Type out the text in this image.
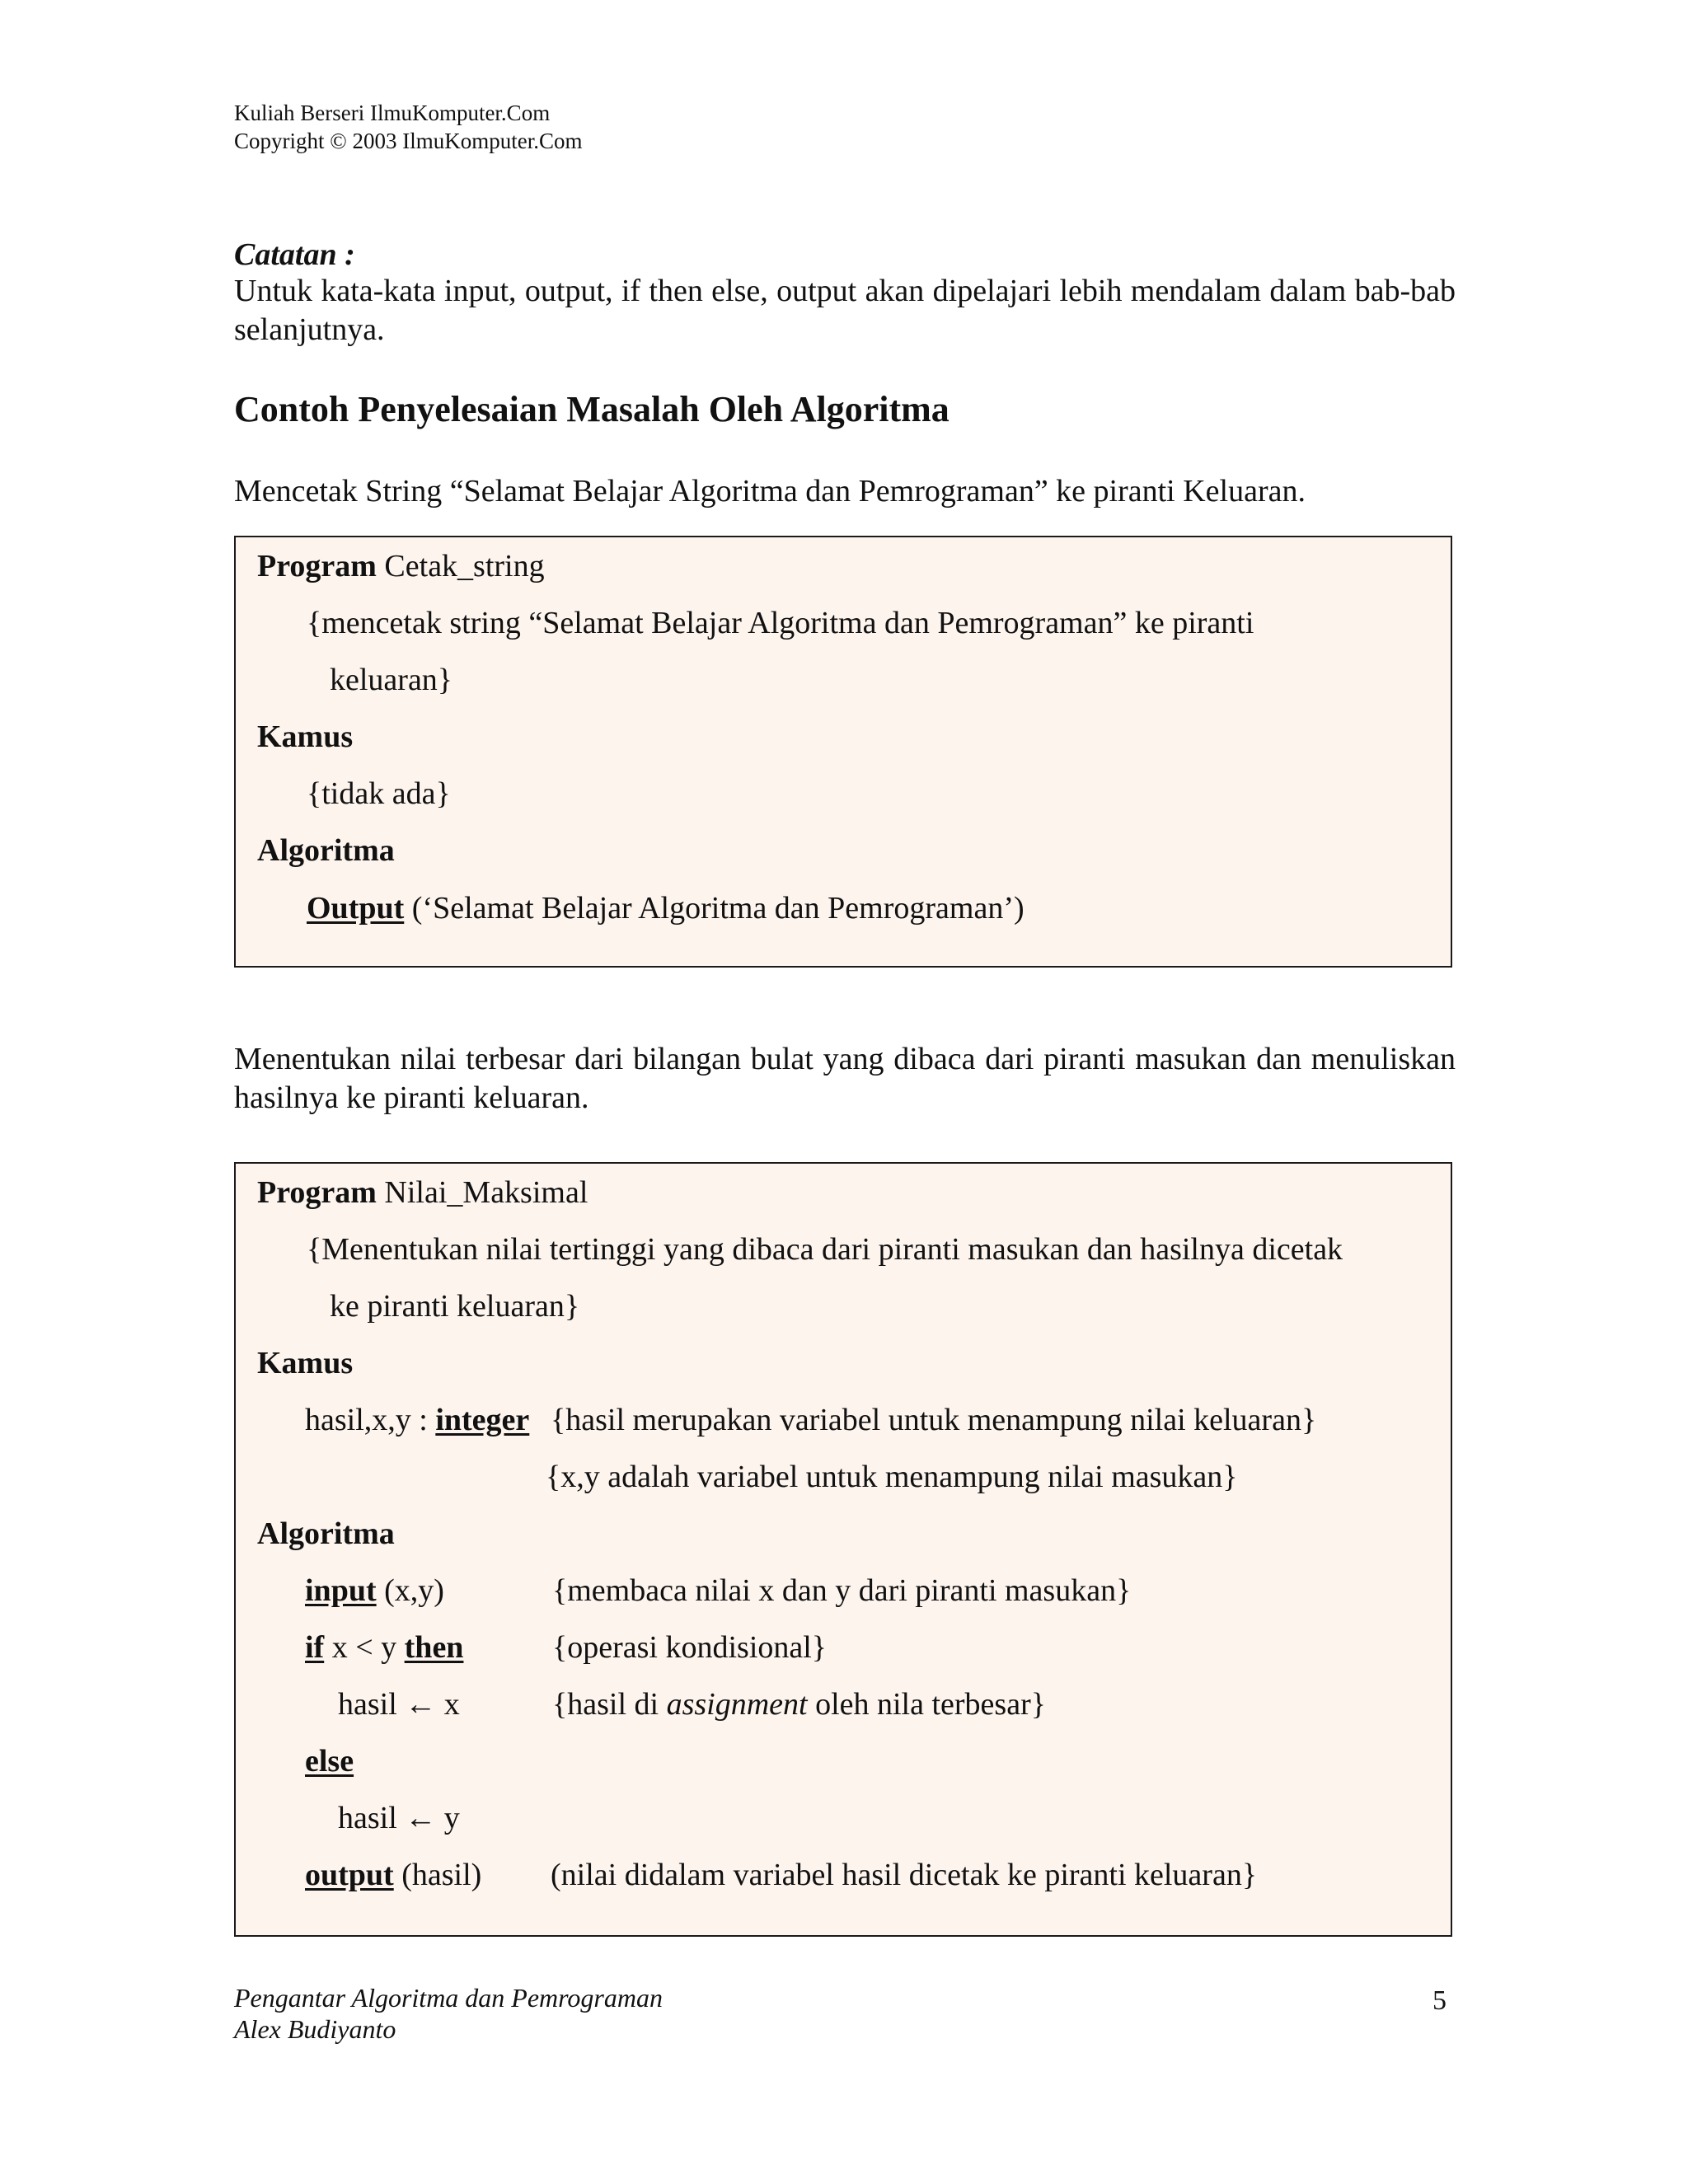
Kuliah Berseri IlmuKomputer.Com
Copyright © 2003 IlmuKomputer.Com
Catatan :
Untuk kata-kata input, output, if then else, output akan dipelajari lebih mendalam dalam bab-bab selanjutnya.
Contoh Penyelesaian Masalah Oleh Algoritma
Mencetak String “Selamat Belajar Algoritma dan Pemrograman” ke piranti Keluaran.
Program Cetak_string
{mencetak string “Selamat Belajar Algoritma dan Pemrograman” ke piranti
keluaran}
Kamus
{tidak ada}
Algoritma
Output (‘Selamat Belajar Algoritma dan Pemrograman’)
Menentukan nilai terbesar dari bilangan bulat yang dibaca dari piranti masukan dan menuliskan hasilnya ke piranti keluaran.
Program Nilai_Maksimal
{Menentukan nilai tertinggi yang dibaca dari piranti masukan dan hasilnya dicetak
ke piranti keluaran}
Kamus
hasil,x,y : integer {hasil merupakan variabel untuk menampung nilai keluaran}
{x,y adalah variabel untuk menampung nilai masukan}
Algoritma
input (x,y)	{membaca nilai x dan y dari piranti masukan}
if x < y then	{operasi kondisional}
hasil ← x	{hasil di assignment oleh nila terbesar}
else
hasil ← y
output (hasil) (nilai didalam variabel hasil dicetak ke piranti keluaran}
Pengantar Algoritma dan Pemrograman
Alex Budiyanto
5
